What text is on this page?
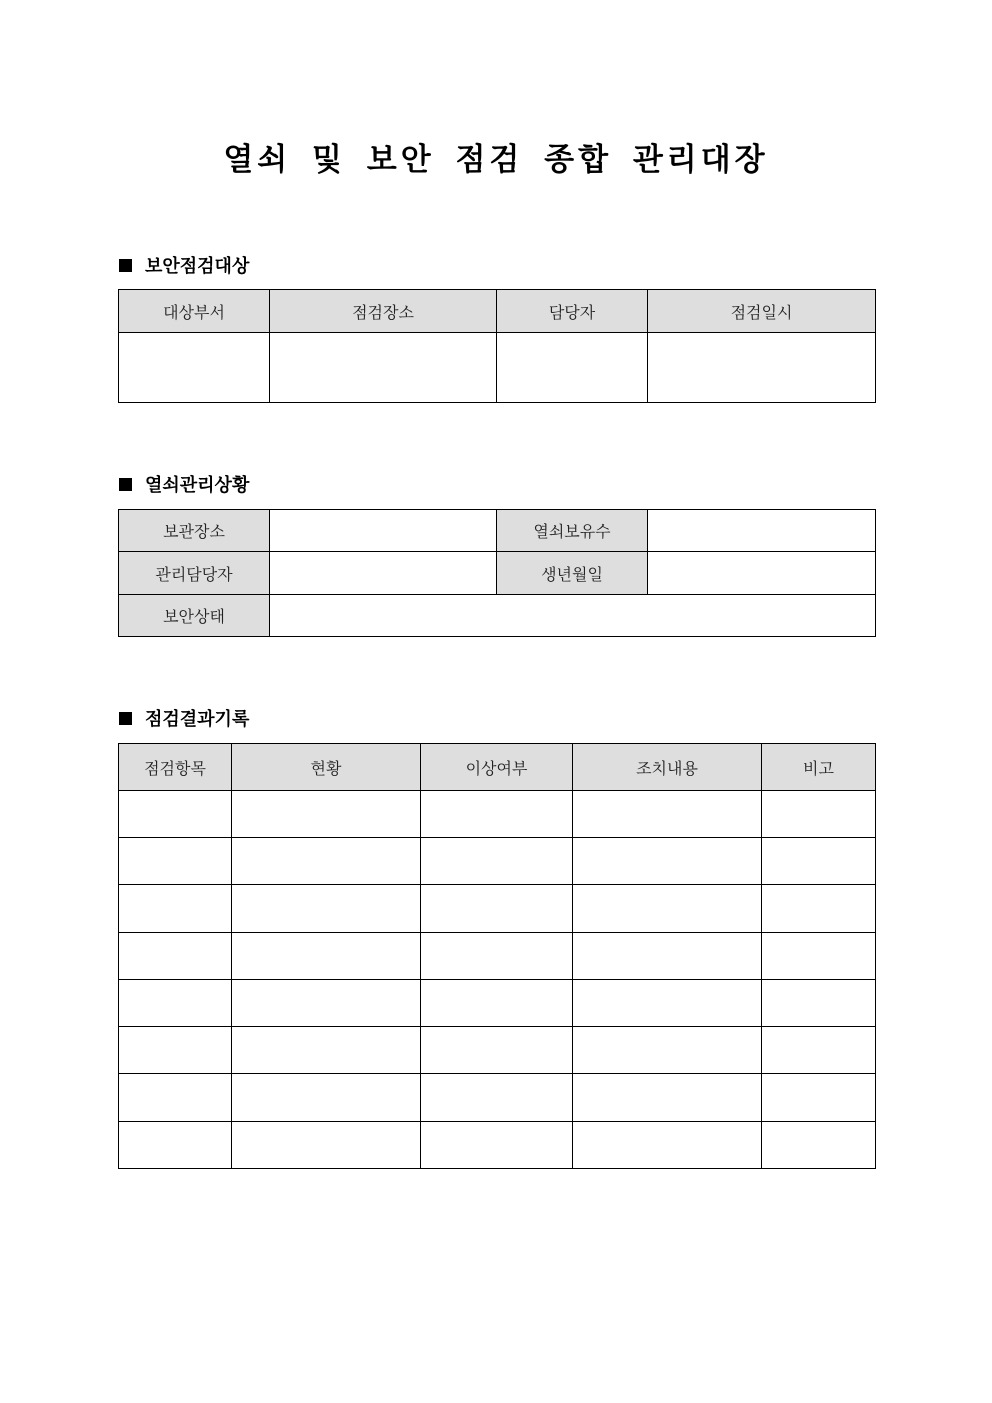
열쇠 및 보안 점검 종합 관리대장
보안점검대상
대상부서	점검장소	담당자	점검일시

열쇠관리상황
보관장소		열쇠보유수	
관리담당자		생년월일	
보안상태			
점검결과기록
점검항목	현황	이상여부	조치내용	비고
